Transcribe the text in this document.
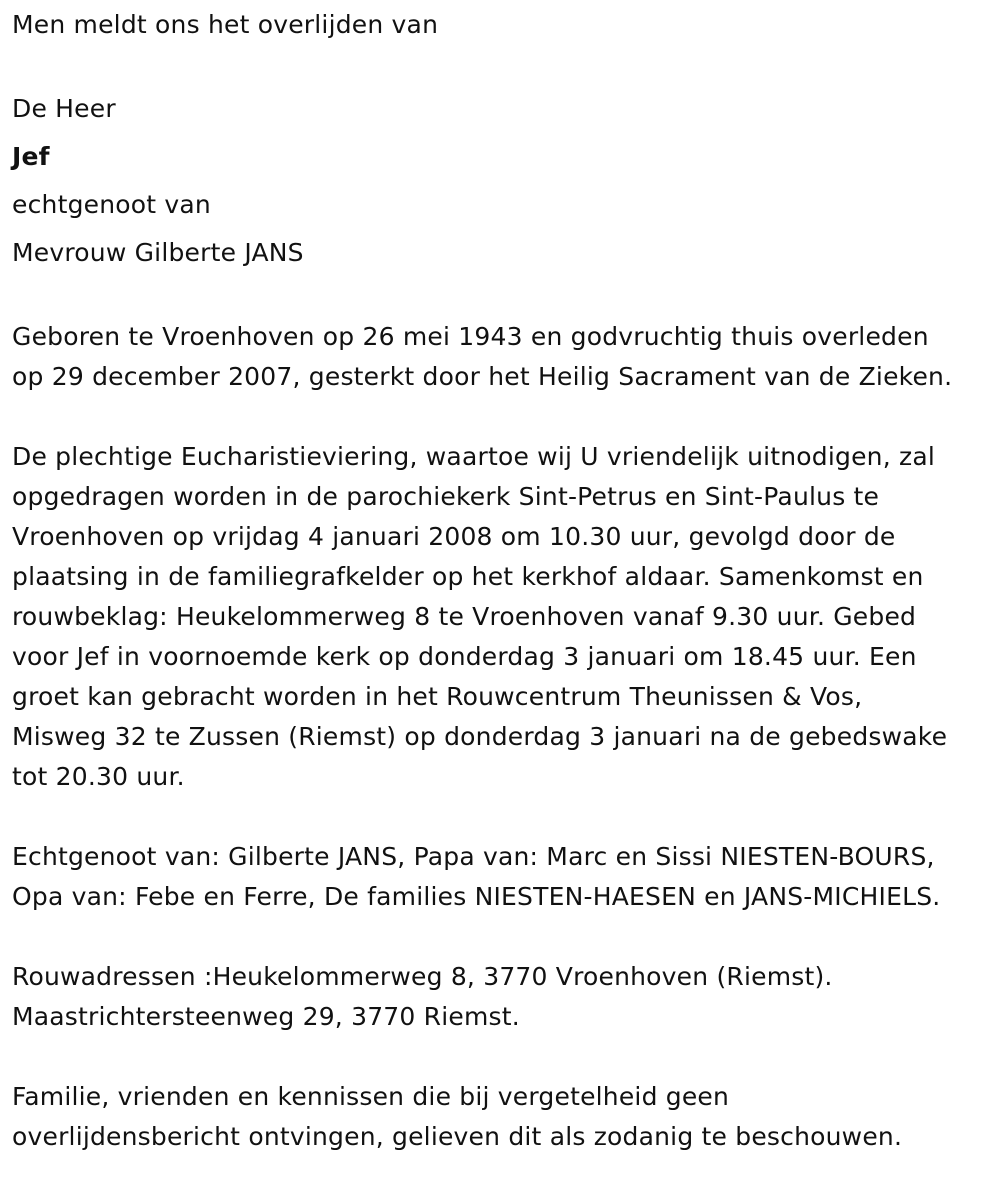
Men meldt ons het overlijden van
De Heer
Jef
echtgenoot van
Mevrouw Gilberte JANS
Geboren te Vroenhoven op 26 mei 1943 en godvruchtig thuis overleden
op 29 december 2007, gesterkt door het Heilig Sacrament van de Zieken.
De plechtige Eucharistieviering, waartoe wij U vriendelijk uitnodigen, zal
opgedragen worden in de parochiekerk Sint-Petrus en Sint-Paulus te
Vroenhoven op vrijdag 4 januari 2008 om 10.30 uur, gevolgd door de
plaatsing in de familiegrafkelder op het kerkhof aldaar. Samenkomst en
rouwbeklag: Heukelommerweg 8 te Vroenhoven vanaf 9.30 uur. Gebed
voor Jef in voornoemde kerk op donderdag 3 januari om 18.45 uur. Een
groet kan gebracht worden in het Rouwcentrum Theunissen & Vos,
Misweg 32 te Zussen (Riemst) op donderdag 3 januari na de gebedswake
tot 20.30 uur.
Echtgenoot van: Gilberte JANS, Papa van: Marc en Sissi NIESTEN-BOURS,
Opa van: Febe en Ferre, De families NIESTEN-HAESEN en JANS-MICHIELS.
Rouwadressen :Heukelommerweg 8, 3770 Vroenhoven (Riemst).
Maastrichtersteenweg 29, 3770 Riemst.
Familie, vrienden en kennissen die bij vergetelheid geen
overlijdensbericht ontvingen, gelieven dit als zodanig te beschouwen.
